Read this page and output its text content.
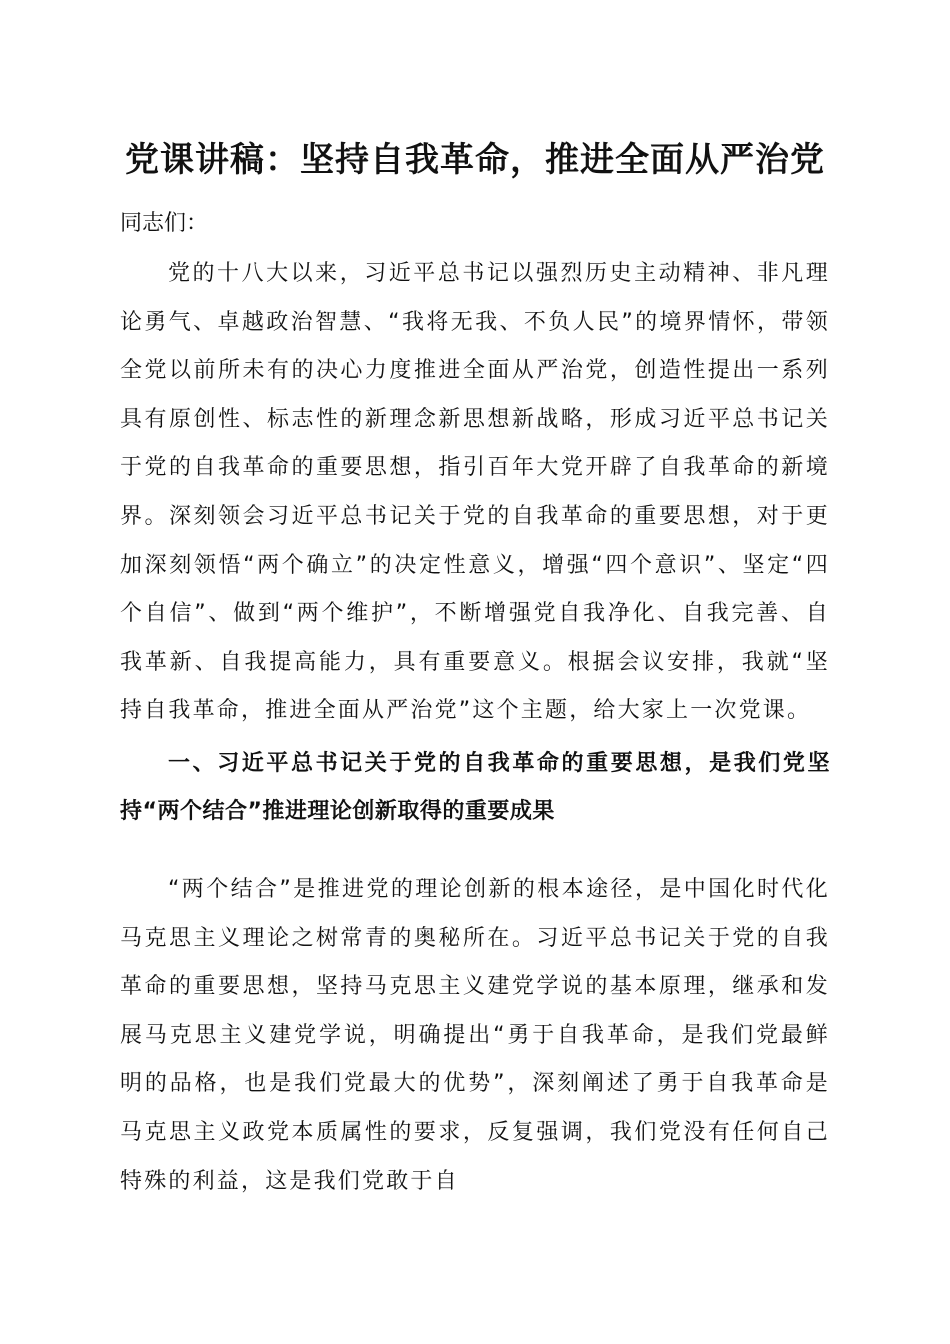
党课讲稿：坚持自我革命，推进全面从严治党

同志们：

党的十八大以来，习近平总书记以强烈历史主动精神、非凡理论勇气、卓越政治智慧、“我将无我、不负人民”的境界情怀，带领全党以前所未有的决心力度推进全面从严治党，创造性提出一系列具有原创性、标志性的新理念新思想新战略，形成习近平总书记关于党的自我革命的重要思想，指引百年大党开辟了自我革命的新境界。深刻领会习近平总书记关于党的自我革命的重要思想，对于更加深刻领悟“两个确立”的决定性意义，增强“四个意识”、坚定“四个自信”、做到“两个维护”，不断增强党自我净化、自我完善、自我革新、自我提高能力，具有重要意义。根据会议安排，我就“坚持自我革命，推进全面从严治党”这个主题，给大家上一次党课。

一、习近平总书记关于党的自我革命的重要思想，是我们党坚持“两个结合”推进理论创新取得的重要成果

“两个结合”是推进党的理论创新的根本途径，是中国化时代化马克思主义理论之树常青的奥秘所在。习近平总书记关于党的自我革命的重要思想，坚持马克思主义建党学说的基本原理，继承和发展马克思主义建党学说，明确提出“勇于自我革命，是我们党最鲜明的品格，也是我们党最大的优势”，深刻阐述了勇于自我革命是马克思主义政党本质属性的要求，反复强调，我们党没有任何自己特殊的利益，这是我们党敢于自
